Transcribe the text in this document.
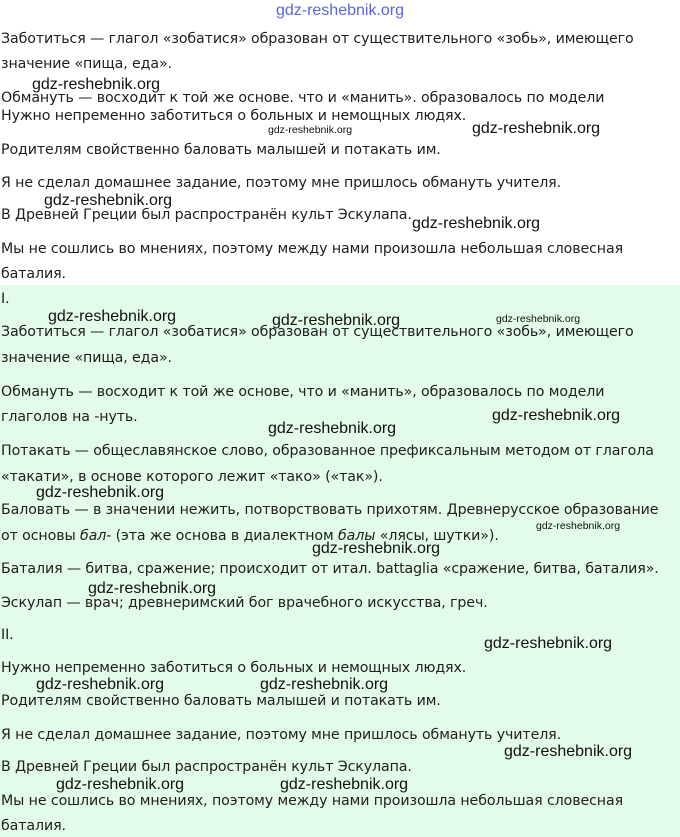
gdz-reshebnik.org
Заботиться — глагол «зобатися» образован от существительного «зобь», имеющего
значение «пища, еда».
Обмануть — восходит к той же основе. что и «манить». образовалось по модели
Нужно непременно заботиться о больных и немощных людях.
Родителям свойственно баловать малышей и потакать им.
Я не сделал домашнее задание, поэтому мне пришлось обмануть учителя.
В Древней Греции был распространён культ Эскулапа.
Мы не сошлись во мнениях, поэтому между нами произошла небольшая словесная
баталия.
I.
Заботиться — глагол «зобатися» образован от существительного «зобь», имеющего
значение «пища, еда».
Обмануть — восходит к той же основе, что и «манить», образовалось по модели
глаголов на -нуть.
Потакать — общеславянское слово, образованное префиксальным методом от глагола
«такати», в основе которого лежит «тако» («так»).
Баловать — в значении нежить, потворствовать прихотям. Древнерусское образование
от основы бал- (эта же основа в диалектном балы «лясы, шутки»).
Баталия — битва, сражение; происходит от итал. battaglia «сражение, битва, баталия».
Эскулап — врач; древнеримский бог врачебного искусства, греч.
II.
Нужно непременно заботиться о больных и немощных людях.
Родителям свойственно баловать малышей и потакать им.
Я не сделал домашнее задание, поэтому мне пришлось обмануть учителя.
В Древней Греции был распространён культ Эскулапа.
Мы не сошлись во мнениях, поэтому между нами произошла небольшая словесная
баталия.
gdz-reshebnik.org
gdz-reshebnik.org	gdz-reshebnik.org
gdz-reshebnik.org
gdz-reshebnik.org
gdz-reshebnik.org	gdz-reshebnik.org	gdz-reshebnik.org
gdz-reshebnik.org
gdz-reshebnik.org
gdz-reshebnik.org
gdz-reshebnik.org
gdz-reshebnik.org
gdz-reshebnik.org
gdz-reshebnik.org
gdz-reshebnik.org	gdz-reshebnik.org
gdz-reshebnik.org
gdz-reshebnik.org	gdz-reshebnik.org
